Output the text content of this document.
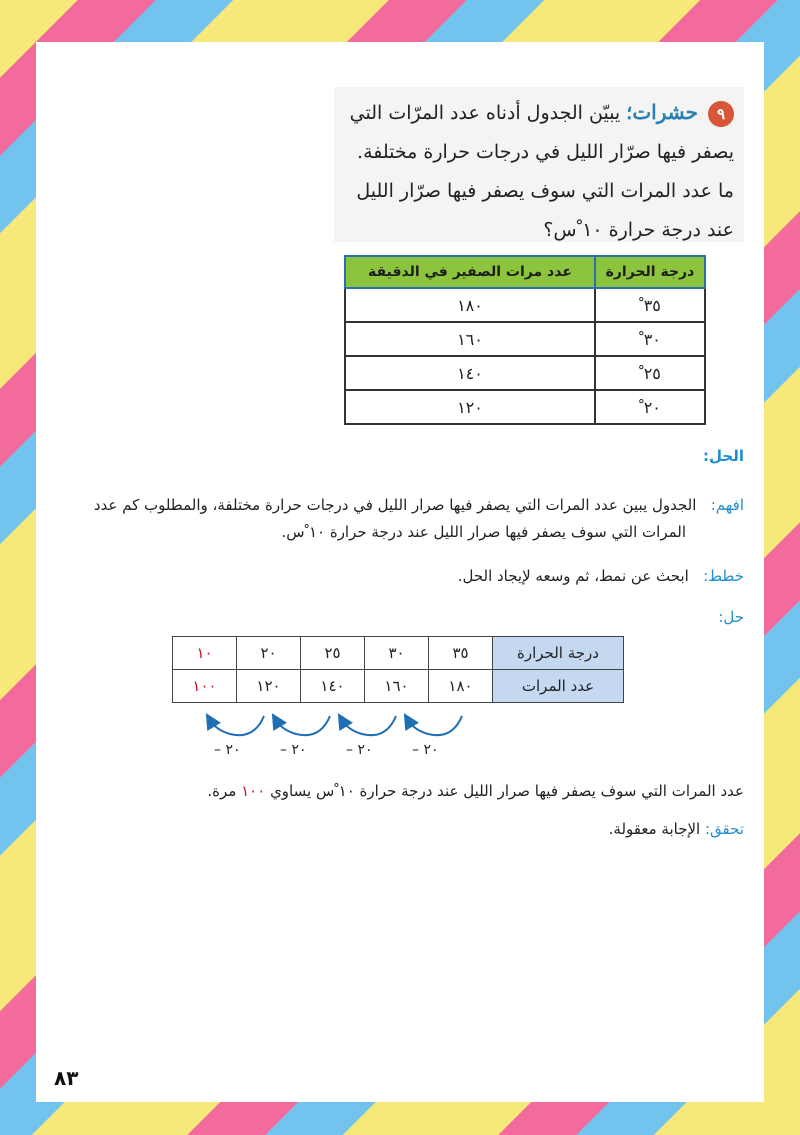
٩ حشرات؛ يبيّن الجدول أدناه عدد المرّات التي
يصفر فيها صرّار الليل في درجات حرارة مختلفة.
ما عدد المرات التي سوف يصفر فيها صرّار الليل
عند درجة حرارة ١٠ ْس؟
درجة الحرارة	عدد مرات الصفير في الدقيقة
٣٥ ْ	١٨٠
٣٠ ْ	١٦٠
٢٥ ْ	١٤٠
٢٠ ْ	١٢٠
الحل:
افهم:   الجدول يبين عدد المرات التي يصفر فيها صرار الليل في درجات حرارة مختلفة، والمطلوب كم عدد
المرات التي سوف يصفر فيها صرار الليل عند درجة حرارة ١٠ ْس.
خطط:   ابحث عن نمط، ثم وسعه لإيجاد الحل.
حل:
درجة الحرارة	٣٥	٣٠	٢٥	٢٠	١٠
عدد المرات	١٨٠	١٦٠	١٤٠	١٢٠	١٠٠
٢٠ –	٢٠ –	٢٠ –	٢٠ –
عدد المرات التي سوف يصفر فيها صرار الليل عند درجة حرارة ١٠ ْس يساوي ١٠٠ مرة.
تحقق: الإجابة معقولة.
٨٣
